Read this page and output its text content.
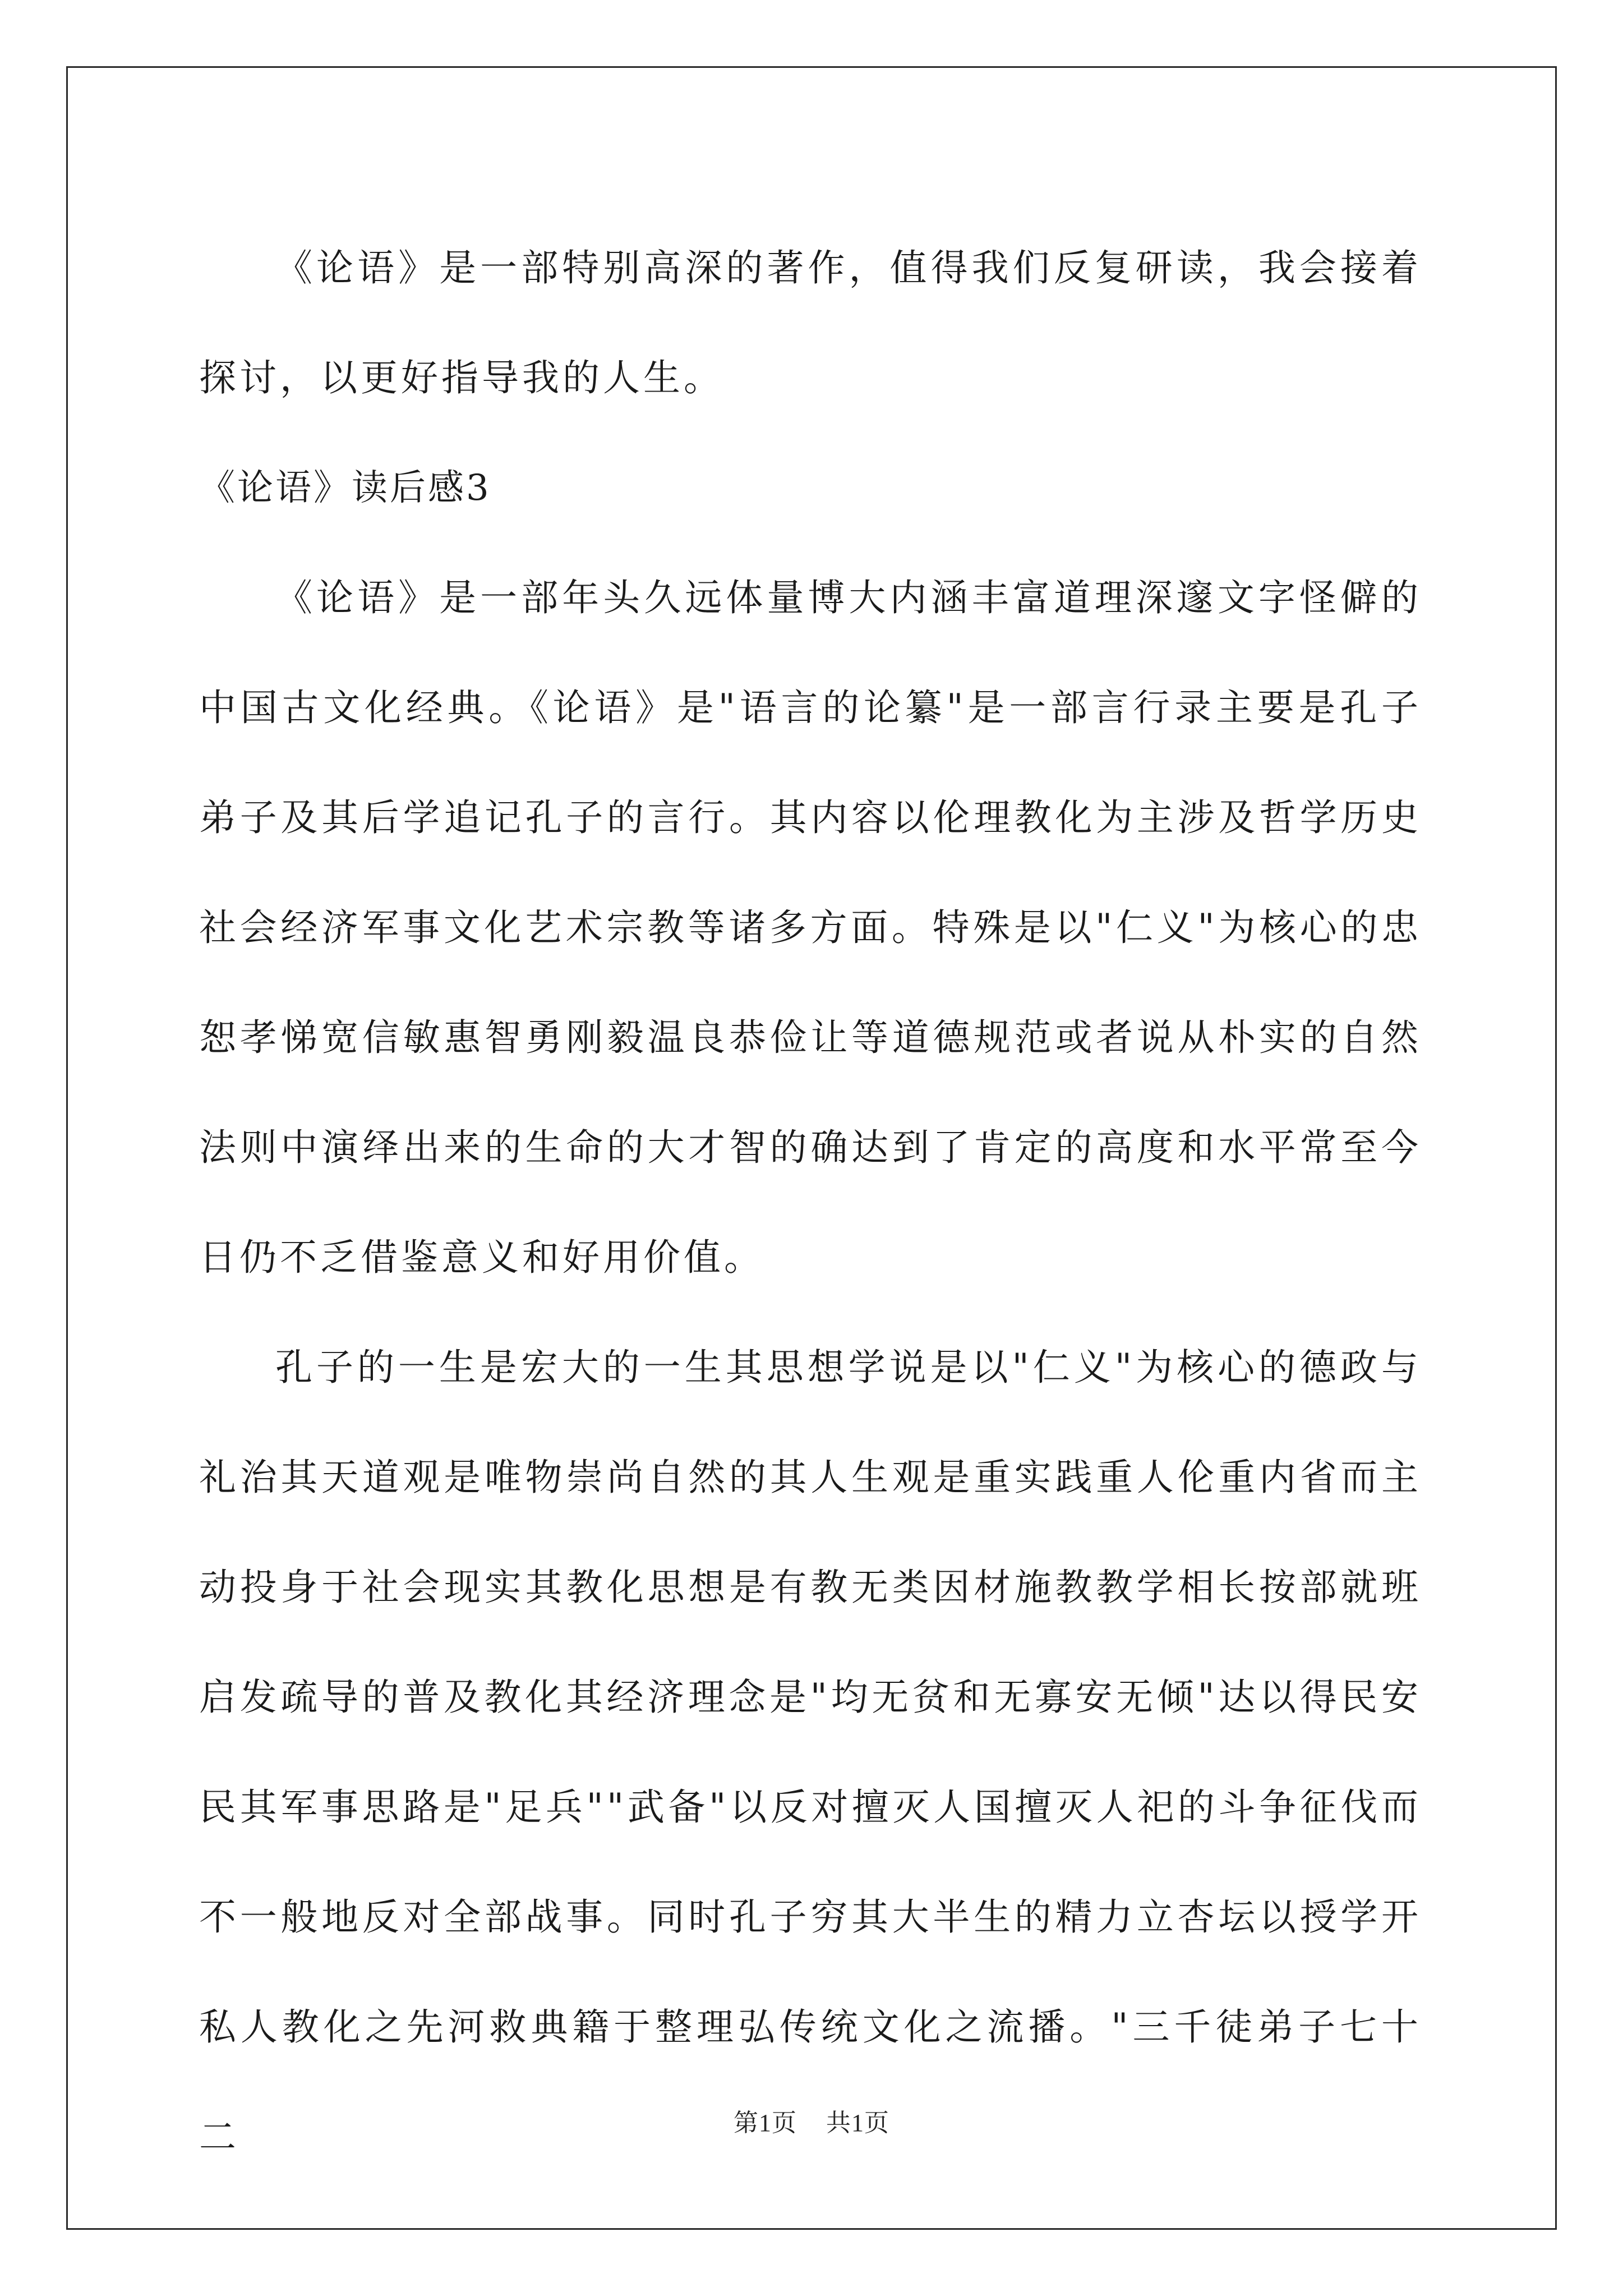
《论语》是一部特别高深的著作，值得我们反复研读，我会接着探讨，以更好指导我的人生。

《论语》读后感3

《论语》是一部年头久远体量博大内涵丰富道理深邃文字怪僻的中国古文化经典。《论语》是"语言的论纂"是一部言行录主要是孔子弟子及其后学追记孔子的言行。其内容以伦理教化为主涉及哲学历史社会经济军事文化艺术宗教等诸多方面。特殊是以"仁义"为核心的忠恕孝悌宽信敏惠智勇刚毅温良恭俭让等道德规范或者说从朴实的自然法则中演绎出来的生命的大才智的确达到了肯定的高度和水平常至今日仍不乏借鉴意义和好用价值。

孔子的一生是宏大的一生其思想学说是以"仁义"为核心的德政与礼治其天道观是唯物崇尚自然的其人生观是重实践重人伦重内省而主动投身于社会现实其教化思想是有教无类因材施教教学相长按部就班启发疏导的普及教化其经济理念是"均无贫和无寡安无倾"达以得民安民其军事思路是"足兵""武备"以反对擅灭人国擅灭人祀的斗争征伐而不一般地反对全部战事。同时孔子穷其大半生的精力立杏坛以授学开私人教化之先河救典籍于整理弘传统文化之流播。"三千徒弟子七十二	第1页 共1页
